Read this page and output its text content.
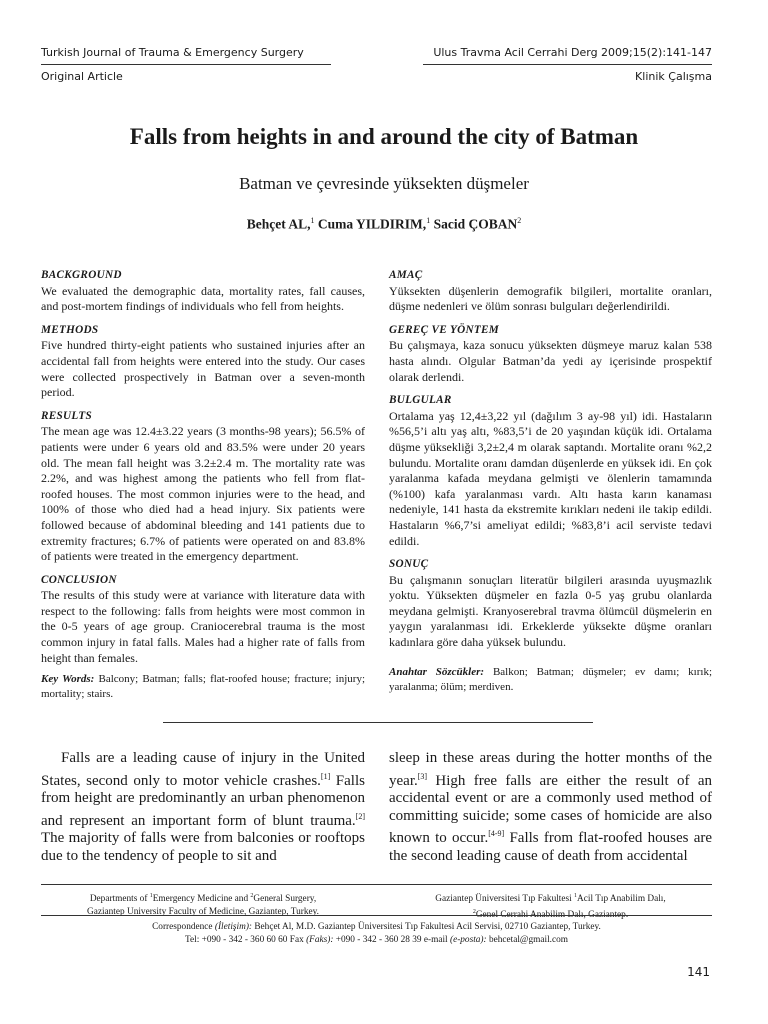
Turkish Journal of Trauma & Emergency Surgery	Ulus Travma Acil Cerrahi Derg 2009;15(2):141-147
Original Article	Klinik Çalışma
Falls from heights in and around the city of Batman
Batman ve çevresinde yüksekten düşmeler
Behçet AL,$^1$ Cuma YILDIRIM,$^1$ Sacid ÇOBAN$^2$

BACKGROUND

We evaluated the demographic data, mortality rates, fall causes, and post-mortem findings of individuals who fell from heights.

METHODS

Five hundred thirty-eight patients who sustained injuries after an accidental fall from heights were entered into the study. Our cases were collected prospectively in Batman over a seven-month period.

RESULTS

The mean age was 12.4±3.22 years (3 months-98 years); 56.5% of patients were under 6 years old and 83.5% were under 20 years old. The mean fall height was 3.2±2.4 m. The mortality rate was 2.2%, and was highest among the patients who fell from flat-roofed houses. The most common injuries were to the head, and 100% of those who died had a head injury. Six patients were followed because of abdominal bleeding and 141 patients due to extremity fractures; 6.7% of patients were operated on and 83.8% of patients were treated in the emergency department.

CONCLUSION

The results of this study were at variance with literature data with respect to the following: falls from heights were most common in the 0-5 years of age group. Craniocerebral trauma is the most common injury in fatal falls. Males had a higher rate of falls from height than females.

Key Words: Balcony; Batman; falls; flat-roofed house; fracture; injury; mortality; stairs.

AMAÇ

Yüksekten düşenlerin demografik bilgileri, mortalite oranları, düşme nedenleri ve ölüm sonrası bulguları değerlendirildi.

GEREÇ VE YÖNTEM

Bu çalışmaya, kaza sonucu yüksekten düşmeye maruz kalan 538 hasta alındı. Olgular Batman’da yedi ay içerisinde prospektif olarak derlendi.

BULGULAR

Ortalama yaş 12,4±3,22 yıl (dağılım 3 ay-98 yıl) idi. Hastaların %56,5’i altı yaş altı, %83,5’i de 20 yaşından küçük idi. Ortalama düşme yüksekliği 3,2±2,4 m olarak saptandı. Mortalite oranı %2,2 bulundu. Mortalite oranı damdan düşenlerde en yüksek idi. En çok yaralanma kafada meydana gelmişti ve ölenlerin tamamında (%100) kafa yaralanması vardı. Altı hasta karın kanaması nedeniyle, 141 hasta da ekstremite kırıkları nedeni ile takip edildi. Hastaların %6,7’si ameliyat edildi; %83,8’i acil serviste tedavi edildi.

SONUÇ

Bu çalışmanın sonuçları literatür bilgileri arasında uyuşmazlık yoktu. Yüksekten düşmeler en fazla 0-5 yaş grubu olanlarda meydana gelmişti. Kranyoserebral travma ölümcül düşmelerin en yaygın yaralanması idi. Erkeklerde yüksekte düşme oranları kadınlara göre daha yüksek bulundu.

Anahtar Sözcükler: Balkon; Batman; düşmeler; ev damı; kırık; yaralanma; ölüm; merdiven.

Falls are a leading cause of injury in the United States, second only to motor vehicle crashes.[1] Falls from height are predominantly an urban phenomenon and represent an important form of blunt trauma.[2] The majority of falls were from balconies or rooftops due to the tendency of people to sit and
sleep in these areas during the hotter months of the year.[3] High free falls are either the result of an accidental event or are a commonly used method of committing suicide; some cases of homicide are also known to occur.[4-9] Falls from flat-roofed houses are the second leading cause of death from accidental
Departments of $^1$Emergency Medicine and $^2$General Surgery,
Gaziantep University Faculty of Medicine, Gaziantep, Turkey.
Gaziantep Üniversitesi Tıp Fakultesi $^1$Acil Tıp Anabilim Dalı,
$^2$Genel Cerrahi Anabilim Dalı, Gaziantep.
Correspondence (İletişim): Behçet Al, M.D. Gaziantep Üniversitesi Tıp Fakultesi Acil Servisi, 02710 Gaziantep, Turkey.
Tel: +090 - 342 - 360 60 60 Fax (Faks): +090 - 342 - 360 28 39 e-mail (e-posta): behcetal@gmail.com
141
